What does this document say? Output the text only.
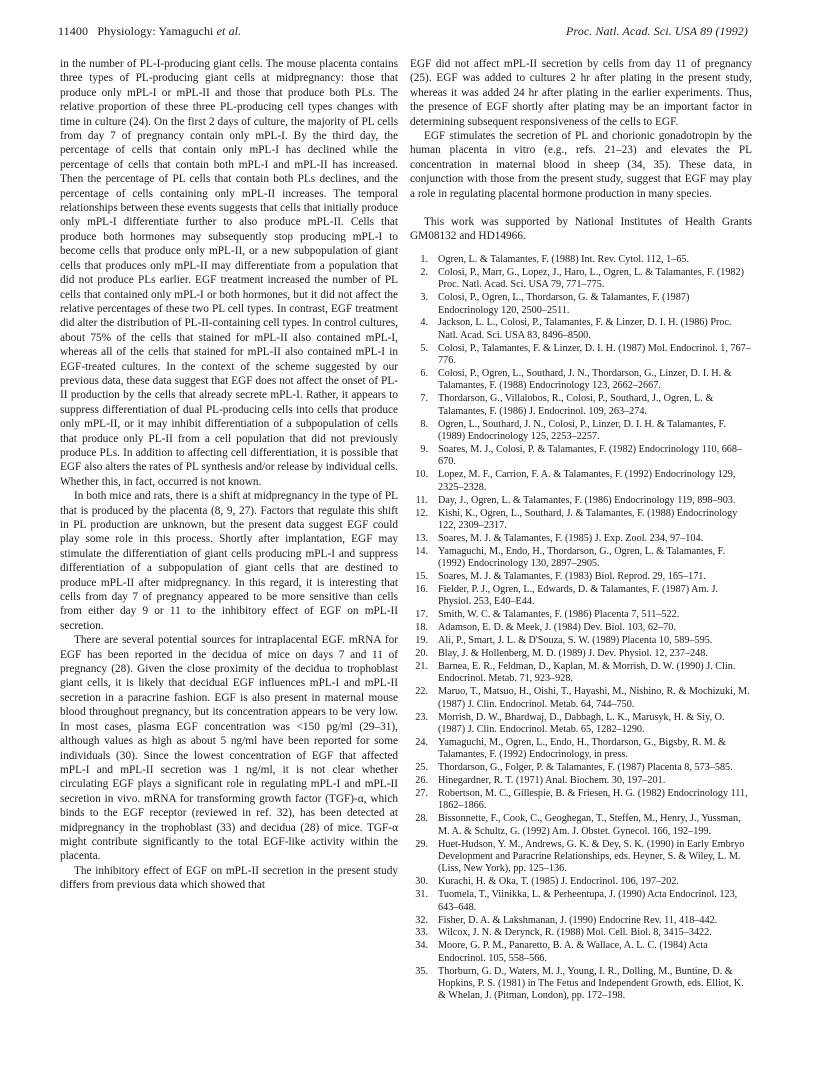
11400 Physiology: Yamaguchi et al.	Proc. Natl. Acad. Sci. USA 89 (1992)

in the number of PL-I-producing giant cells. The mouse placenta contains three types of PL-producing giant cells at midpregnancy: those that produce only mPL-I or mPL-II and those that produce both PLs. The relative proportion of these three PL-producing cell types changes with time in culture (24). On the first 2 days of culture, the majority of PL cells from day 7 of pregnancy contain only mPL-I. By the third day, the percentage of cells that contain only mPL-I has declined while the percentage of cells that contain both mPL-I and mPL-II has increased. Then the percentage of PL cells that contain both PLs declines, and the percentage of cells containing only mPL-II increases. The temporal relationships between these events suggests that cells that initially produce only mPL-I differentiate further to also produce mPL-II. Cells that produce both hormones may subsequently stop producing mPL-I to become cells that produce only mPL-II, or a new subpopulation of giant cells that produces only mPL-II may differentiate from a population that did not produce PLs earlier. EGF treatment increased the number of PL cells that contained only mPL-I or both hormones, but it did not affect the relative percentages of these two PL cell types. In contrast, EGF treatment did alter the distribution of PL-II-containing cell types. In control cultures, about 75% of the cells that stained for mPL-II also contained mPL-I, whereas all of the cells that stained for mPL-II also contained mPL-I in EGF-treated cultures. In the context of the scheme suggested by our previous data, these data suggest that EGF does not affect the onset of PL-II production by the cells that already secrete mPL-I. Rather, it appears to suppress differentiation of dual PL-producing cells into cells that produce only mPL-II, or it may inhibit differentiation of a subpopulation of cells that produce only PL-II from a cell population that did not previously produce PLs. In addition to affecting cell differentiation, it is possible that EGF also alters the rates of PL synthesis and/or release by individual cells. Whether this, in fact, occurred is not known.

In both mice and rats, there is a shift at midpregnancy in the type of PL that is produced by the placenta (8, 9, 27). Factors that regulate this shift in PL production are unknown, but the present data suggest EGF could play some role in this process. Shortly after implantation, EGF may stimulate the differentiation of giant cells producing mPL-I and suppress differentiation of a subpopulation of giant cells that are destined to produce mPL-II after midpregnancy. In this regard, it is interesting that cells from day 7 of pregnancy appeared to be more sensitive than cells from either day 9 or 11 to the inhibitory effect of EGF on mPL-II secretion.

There are several potential sources for intraplacental EGF. mRNA for EGF has been reported in the decidua of mice on days 7 and 11 of pregnancy (28). Given the close proximity of the decidua to trophoblast giant cells, it is likely that decidual EGF influences mPL-I and mPL-II secretion in a paracrine fashion. EGF is also present in maternal mouse blood throughout pregnancy, but its concentration appears to be very low. In most cases, plasma EGF concentration was <150 pg/ml (29–31), although values as high as about 5 ng/ml have been reported for some individuals (30). Since the lowest concentration of EGF that affected mPL-I and mPL-II secretion was 1 ng/ml, it is not clear whether circulating EGF plays a significant role in regulating mPL-I and mPL-II secretion in vivo. mRNA for transforming growth factor (TGF)-α, which binds to the EGF receptor (reviewed in ref. 32), has been detected at midpregnancy in the trophoblast (33) and decidua (28) of mice. TGF-α might contribute significantly to the total EGF-like activity within the placenta.

The inhibitory effect of EGF on mPL-II secretion in the present study differs from previous data which showed that

EGF did not affect mPL-II secretion by cells from day 11 of pregnancy (25). EGF was added to cultures 2 hr after plating in the present study, whereas it was added 24 hr after plating in the earlier experiments. Thus, the presence of EGF shortly after plating may be an important factor in determining subsequent responsiveness of the cells to EGF.

EGF stimulates the secretion of PL and chorionic gonadotropin by the human placenta in vitro (e.g., refs. 21–23) and elevates the PL concentration in maternal blood in sheep (34, 35). These data, in conjunction with those from the present study, suggest that EGF may play a role in regulating placental hormone production in many species.

This work was supported by National Institutes of Health Grants GM08132 and HD14966.

1. Ogren, L. & Talamantes, F. (1988) Int. Rev. Cytol. 112, 1–65.
2. Colosi, P., Marr, G., Lopez, J., Haro, L., Ogren, L. & Talamantes, F. (1982) Proc. Natl. Acad. Sci. USA 79, 771–775.
3. Colosi, P., Ogren, L., Thordarson, G. & Talamantes, F. (1987) Endocrinology 120, 2500–2511.
4. Jackson, L. L., Colosi, P., Talamantes, F. & Linzer, D. I. H. (1986) Proc. Natl. Acad. Sci. USA 83, 8496–8500.
5. Colosi, P., Talamantes, F. & Linzer, D. I. H. (1987) Mol. Endocrinol. 1, 767–776.
6. Colosi, P., Ogren, L., Southard, J. N., Thordarson, G., Linzer, D. I. H. & Talamantes, F. (1988) Endocrinology 123, 2662–2667.
7. Thordarson, G., Villalobos, R., Colosi, P., Southard, J., Ogren, L. & Talamantes, F. (1986) J. Endocrinol. 109, 263–274.
8. Ogren, L., Southard, J. N., Colosi, P., Linzer, D. I. H. & Talamantes, F. (1989) Endocrinology 125, 2253–2257.
9. Soares, M. J., Colosi, P. & Talamantes, F. (1982) Endocrinology 110, 668–670.
10. Lopez, M. F., Carrion, F. A. & Talamantes, F. (1992) Endocrinology 129, 2325–2328.
11. Day, J., Ogren, L. & Talamantes, F. (1986) Endocrinology 119, 898–903.
12. Kishi, K., Ogren, L., Southard, J. & Talamantes, F. (1988) Endocrinology 122, 2309–2317.
13. Soares, M. J. & Talamantes, F. (1985) J. Exp. Zool. 234, 97–104.
14. Yamaguchi, M., Endo, H., Thordarson, G., Ogren, L. & Talamantes, F. (1992) Endocrinology 130, 2897–2905.
15. Soares, M. J. & Talamantes, F. (1983) Biol. Reprod. 29, 165–171.
16. Fielder, P. J., Ogren, L., Edwards, D. & Talamantes, F. (1987) Am. J. Physiol. 253, E40–E44.
17. Smith, W. C. & Talamantes, F. (1986) Placenta 7, 511–522.
18. Adamson, E. D. & Meek, J. (1984) Dev. Biol. 103, 62–70.
19. Ali, P., Smart, J. L. & D'Souza, S. W. (1989) Placenta 10, 589–595.
20. Blay, J. & Hollenberg, M. D. (1989) J. Dev. Physiol. 12, 237–248.
21. Barnea, E. R., Feldman, D., Kaplan, M. & Morrish, D. W. (1990) J. Clin. Endocrinol. Metab. 71, 923–928.
22. Maruo, T., Matsuo, H., Oishi, T., Hayashi, M., Nishino, R. & Mochizuki, M. (1987) J. Clin. Endocrinol. Metab. 64, 744–750.
23. Morrish, D. W., Bhardwaj, D., Dabbagh, L. K., Marusyk, H. & Siy, O. (1987) J. Clin. Endocrinol. Metab. 65, 1282–1290.
24. Yamaguchi, M., Ogren, L., Endo, H., Thordarson, G., Bigsby, R. M. & Talamantes, F. (1992) Endocrinology, in press.
25. Thordarson, G., Folger, P. & Talamantes, F. (1987) Placenta 8, 573–585.
26. Hinegardner, R. T. (1971) Anal. Biochem. 30, 197–201.
27. Robertson, M. C., Gillespie, B. & Friesen, H. G. (1982) Endocrinology 111, 1862–1866.
28. Bissonnette, F., Cook, C., Geoghegan, T., Steffen, M., Henry, J., Yussman, M. A. & Schultz, G. (1992) Am. J. Obstet. Gynecol. 166, 192–199.
29. Huet-Hudson, Y. M., Andrews, G. K. & Dey, S. K. (1990) in Early Embryo Development and Paracrine Relationships, eds. Heyner, S. & Wiley, L. M. (Liss, New York), pp. 125–136.
30. Kurachi, H. & Oka, T. (1985) J. Endocrinol. 106, 197–202.
31. Tuomela, T., Viinikka, L. & Perheentupa, J. (1990) Acta Endocrinol. 123, 643–648.
32. Fisher, D. A. & Lakshmanan, J. (1990) Endocrine Rev. 11, 418–442.
33. Wilcox, J. N. & Derynck, R. (1988) Mol. Cell. Biol. 8, 3415–3422.
34. Moore, G. P. M., Panaretto, B. A. & Wallace, A. L. C. (1984) Acta Endocrinol. 105, 558–566.
35. Thorburn, G. D., Waters, M. J., Young, I. R., Dolling, M., Buntine, D. & Hopkins, P. S. (1981) in The Fetus and Independent Growth, eds. Elliot, K. & Whelan, J. (Pitman, London), pp. 172–198.
